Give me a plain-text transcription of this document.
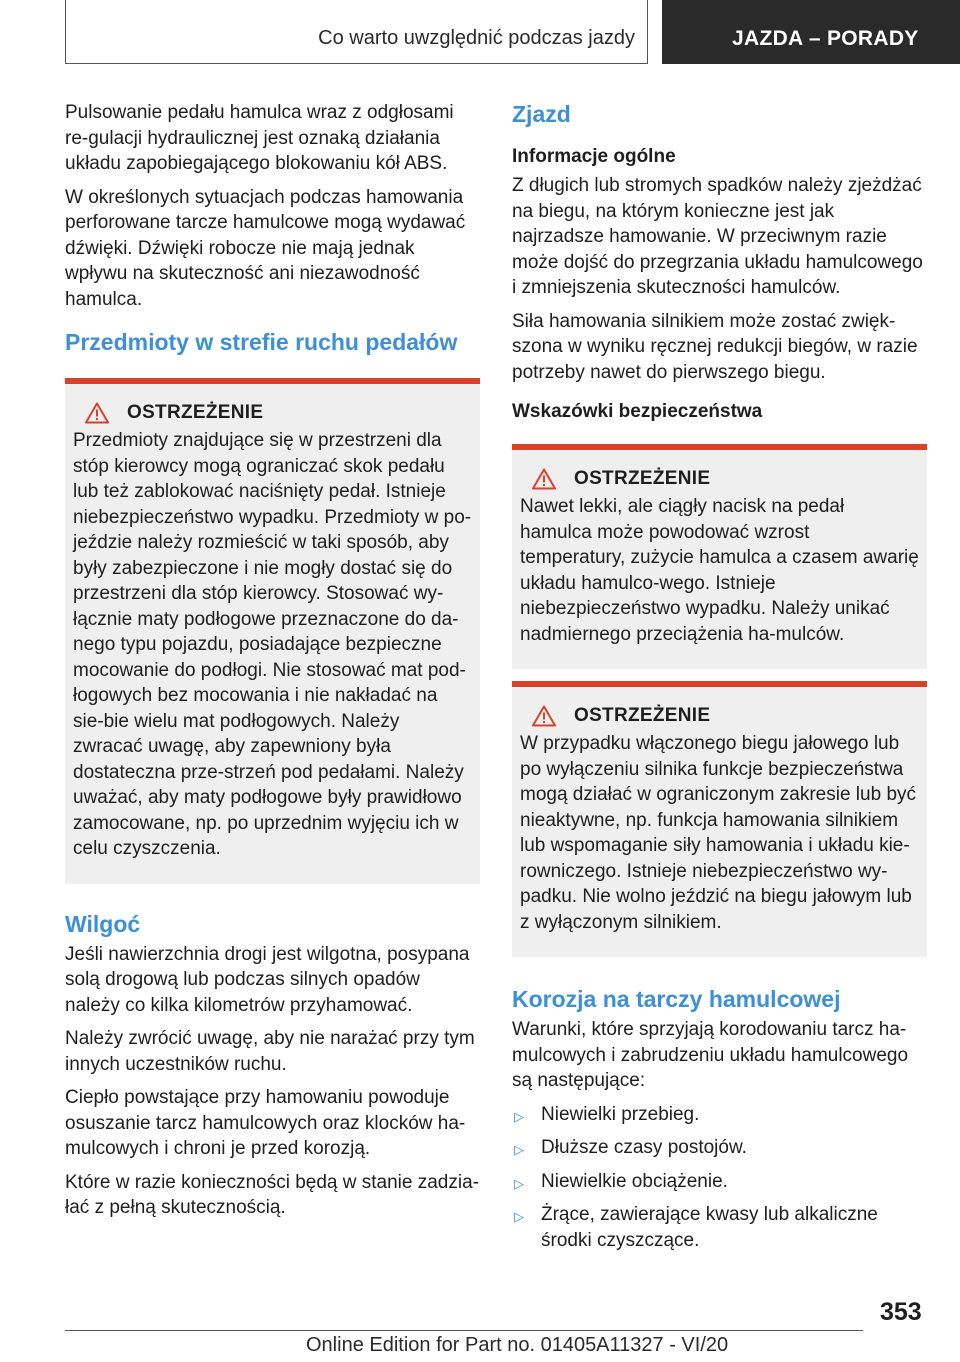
Co warto uwzględnić podczas jazdy	JAZDA – PORADY

Pulsowanie pedału hamulca wraz z odgłosami re-gulacji hydraulicznej jest oznaką działania układu zapobiegającego blokowaniu kół ABS.

W określonych sytuacjach podczas hamowania perforowane tarcze hamulcowe mogą wydawać dźwięki. Dźwięki robocze nie mają jednak wpływu na skuteczność ani niezawodność hamulca.

Przedmioty w strefie ruchu pedałów
OSTRZEŻENIE

Przedmioty znajdujące się w przestrzeni dla stóp kierowcy mogą ograniczać skok pedału lub też zablokować naciśnięty pedał. Istnieje niebezpieczeństwo wypadku. Przedmioty w po-jeździe należy rozmieścić w taki sposób, aby były zabezpieczone i nie mogły dostać się do przestrzeni dla stóp kierowcy. Stosować wy-łącznie maty podłogowe przeznaczone do da-nego typu pojazdu, posiadające bezpieczne mocowanie do podłogi. Nie stosować mat pod-łogowych bez mocowania i nie nakładać na sie-bie wielu mat podłogowych. Należy zwracać uwagę, aby zapewniony była dostateczna prze-strzeń pod pedałami. Należy uważać, aby maty podłogowe były prawidłowo zamocowane, np. po uprzednim wyjęciu ich w celu czyszczenia.

Wilgoć

Jeśli nawierzchnia drogi jest wilgotna, posypana solą drogową lub podczas silnych opadów należy co kilka kilometrów przyhamować.

Należy zwrócić uwagę, aby nie narażać przy tym innych uczestników ruchu.

Ciepło powstające przy hamowaniu powoduje osuszanie tarcz hamulcowych oraz klocków ha-mulcowych i chroni je przed korozją.

Które w razie konieczności będą w stanie zadzia-łać z pełną skutecznością.

Zjazd
Informacje ogólne

Z długich lub stromych spadków należy zjeżdżać na biegu, na którym konieczne jest jak najrzadsze hamowanie. W przeciwnym razie może dojść do przegrzania układu hamulcowego i zmniejszenia skuteczności hamulców.

Siła hamowania silnikiem może zostać zwięk-szona w wyniku ręcznej redukcji biegów, w razie potrzeby nawet do pierwszego biegu.

Wskazówki bezpieczeństwa
OSTRZEŻENIE

Nawet lekki, ale ciągły nacisk na pedał hamulca może powodować wzrost temperatury, zużycie hamulca a czasem awarię układu hamulco-wego. Istnieje niebezpieczeństwo wypadku. Należy unikać nadmiernego przeciążenia ha-mulców.

OSTRZEŻENIE

W przypadku włączonego biegu jałowego lub po wyłączeniu silnika funkcje bezpieczeństwa mogą działać w ograniczonym zakresie lub być nieaktywne, np. funkcja hamowania silnikiem lub wspomaganie siły hamowania i układu kie-rowniczego. Istnieje niebezpieczeństwo wy-padku. Nie wolno jeździć na biegu jałowym lub z wyłączonym silnikiem.

Korozja na tarczy hamulcowej

Warunki, które sprzyjają korodowaniu tarcz ha-mulcowych i zabrudzeniu układu hamulcowego są następujące:

▷ Niewielki przebieg.
▷ Dłuższe czasy postojów.
▷ Niewielkie obciążenie.
▷ Żrące, zawierające kwasy lub alkaliczne środki czyszczące.
353
Online Edition for Part no. 01405A11327 - VI/20
